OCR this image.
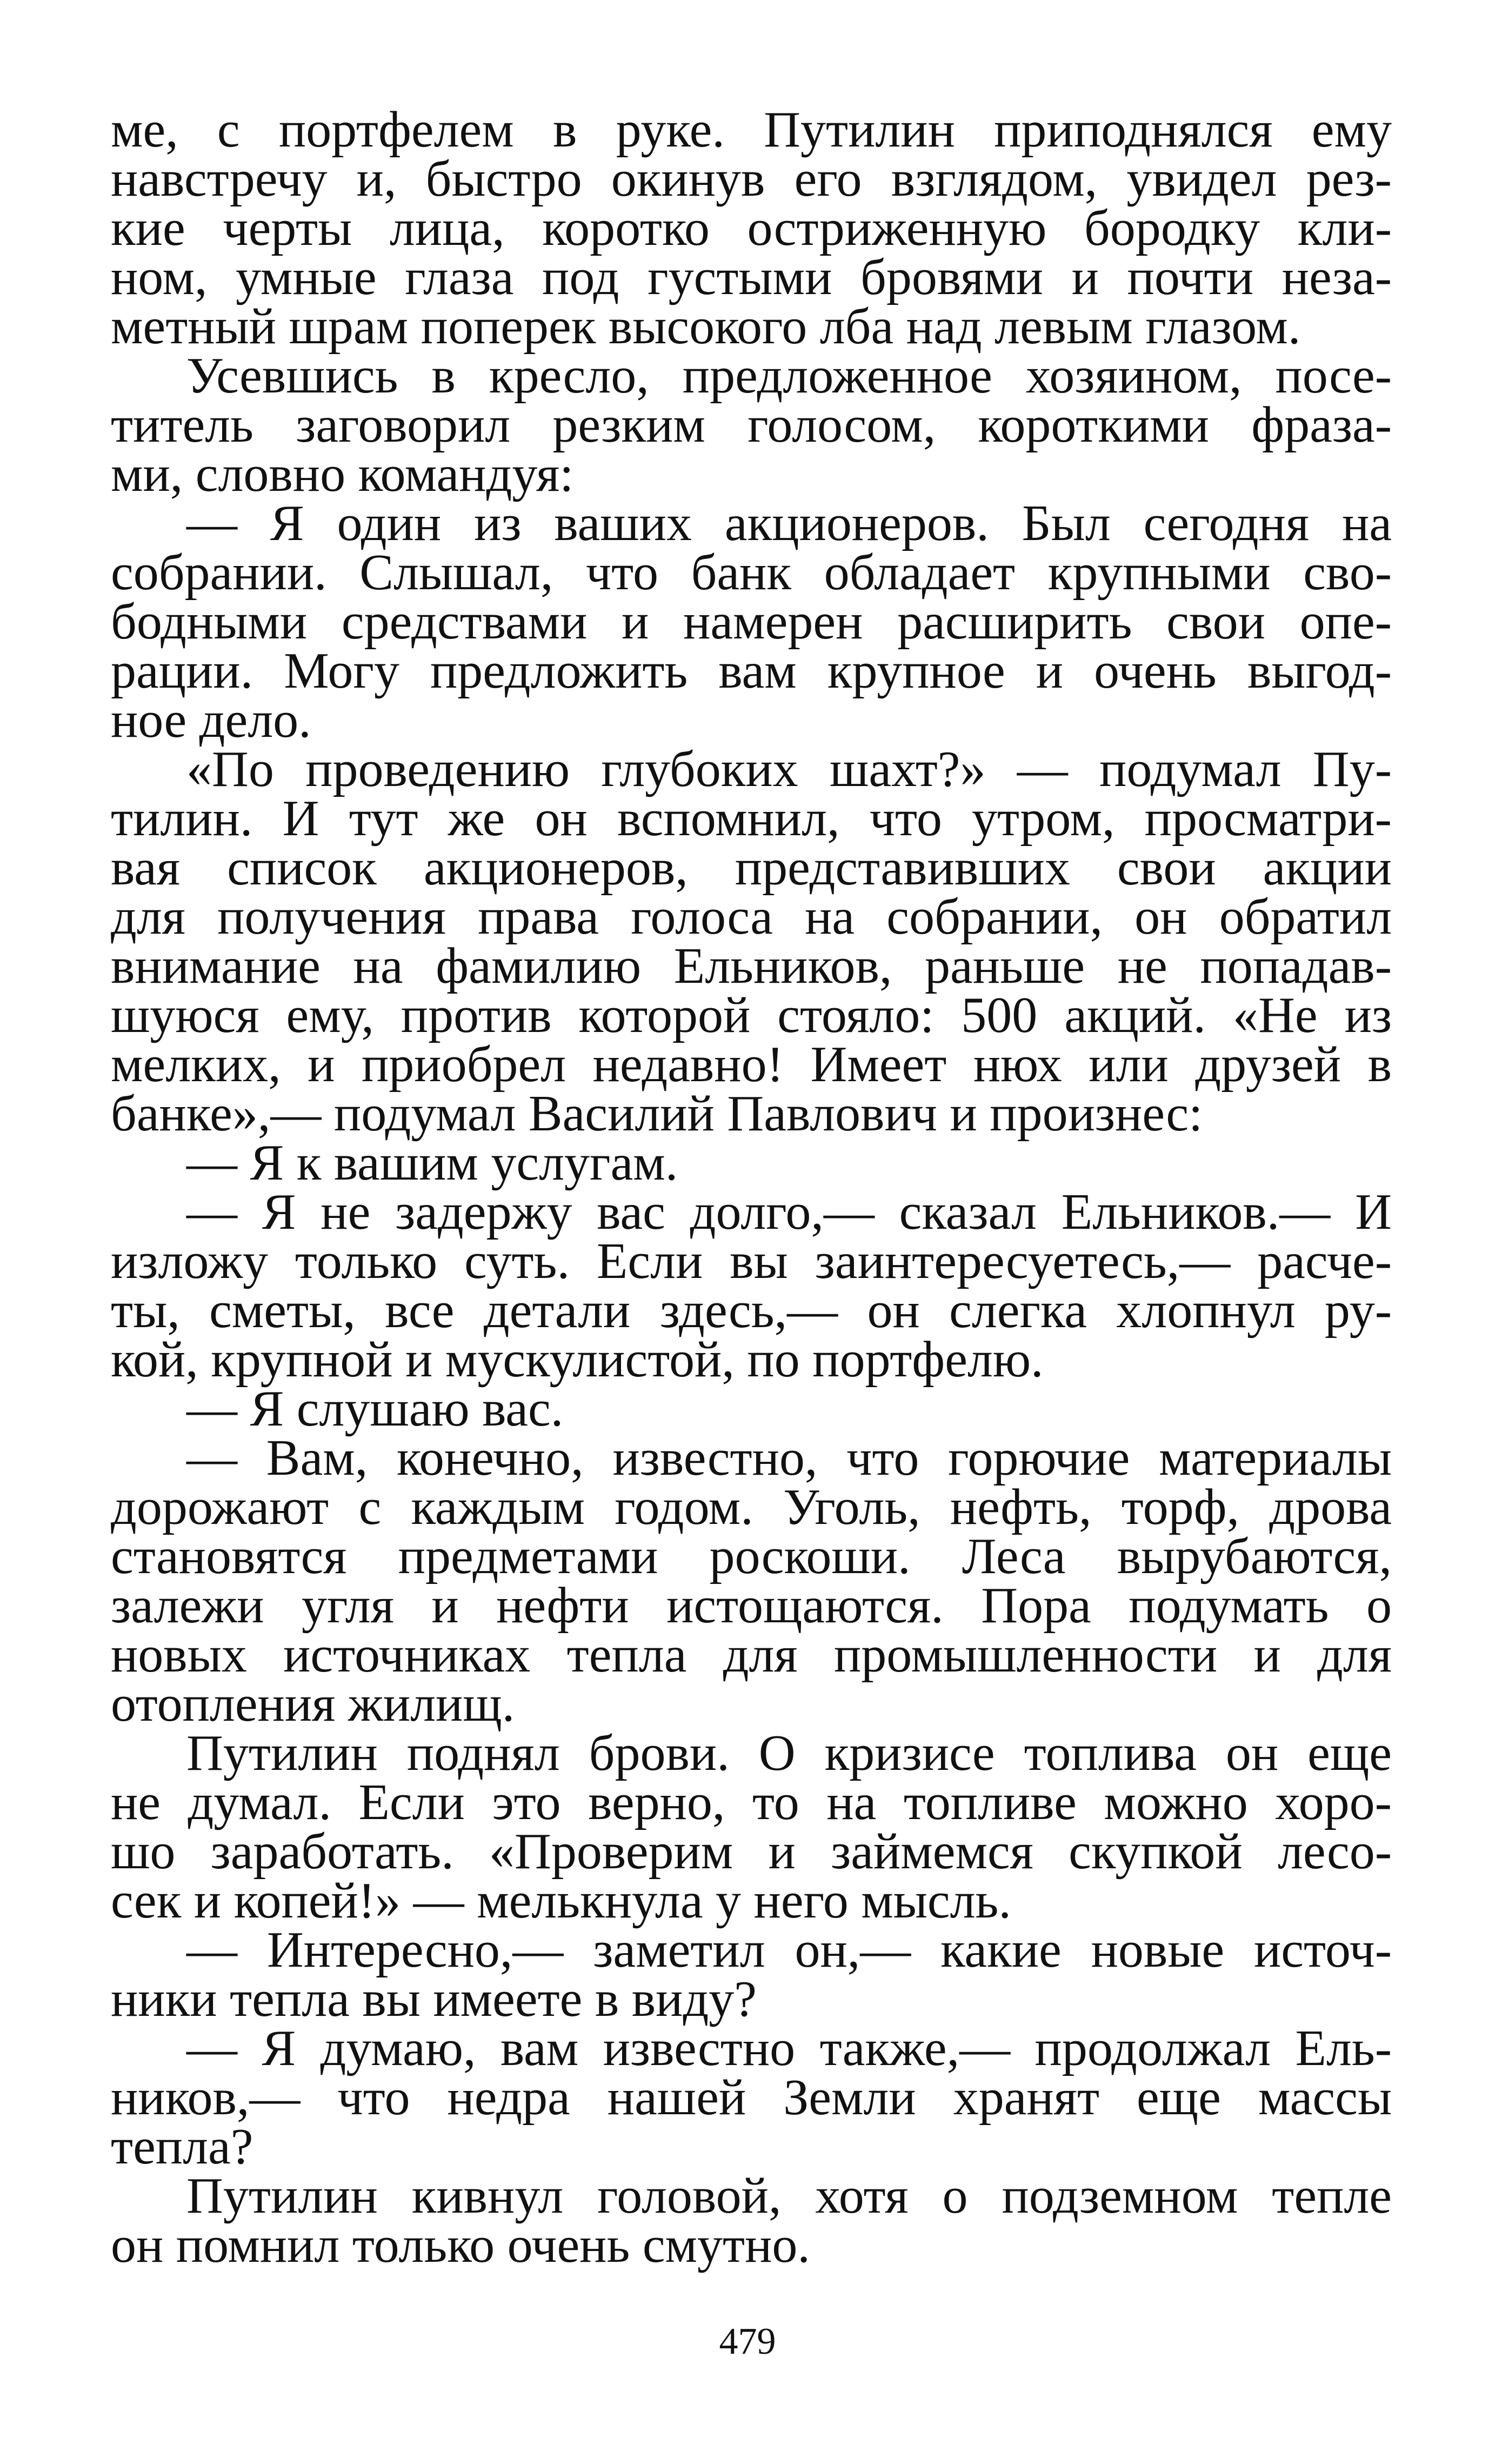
ме, с портфелем в руке. Путилин приподнялся ему
навстречу и, быстро окинув его взглядом, увидел рез-
кие черты лица, коротко остриженную бородку кли-
ном, умные глаза под густыми бровями и почти неза-
метный шрам поперек высокого лба над левым глазом.
Усевшись в кресло, предложенное хозяином, посе-
титель заговорил резким голосом, короткими фраза-
ми, словно командуя:
— Я один из ваших акционеров. Был сегодня на
собрании. Слышал, что банк обладает крупными сво-
бодными средствами и намерен расширить свои опе-
рации. Могу предложить вам крупное и очень выгод-
ное дело.
«По проведению глубоких шахт?» — подумал Пу-
тилин. И тут же он вспомнил, что утром, просматри-
вая список акционеров, представивших свои акции
для получения права голоса на собрании, он обратил
внимание на фамилию Ельников, раньше не попадав-
шуюся ему, против которой стояло: 500 акций. «Не из
мелких, и приобрел недавно! Имеет нюх или друзей в
банке»,— подумал Василий Павлович и произнес:
— Я к вашим услугам.
— Я не задержу вас долго,— сказал Ельников.— И
изложу только суть. Если вы заинтересуетесь,— расче-
ты, сметы, все детали здесь,— он слегка хлопнул ру-
кой, крупной и мускулистой, по портфелю.
— Я слушаю вас.
— Вам, конечно, известно, что горючие материалы
дорожают с каждым годом. Уголь, нефть, торф, дрова
становятся предметами роскоши. Леса вырубаются,
залежи угля и нефти истощаются. Пора подумать о
новых источниках тепла для промышленности и для
отопления жилищ.
Путилин поднял брови. О кризисе топлива он еще
не думал. Если это верно, то на топливе можно хоро-
шо заработать. «Проверим и займемся скупкой лесо-
сек и копей!» — мелькнула у него мысль.
— Интересно,— заметил он,— какие новые источ-
ники тепла вы имеете в виду?
— Я думаю, вам известно также,— продолжал Ель-
ников,— что недра нашей Земли хранят еще массы
тепла?
Путилин кивнул головой, хотя о подземном тепле
он помнил только очень смутно.
479
